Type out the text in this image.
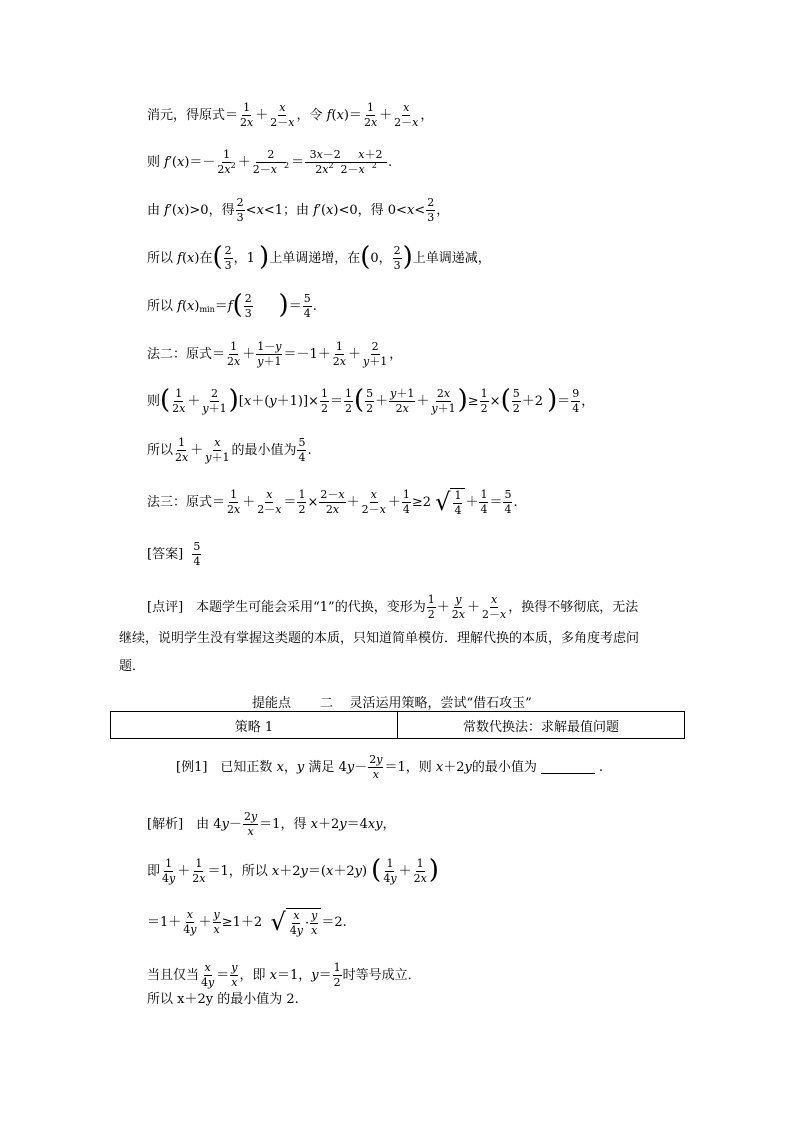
消元，得原式＝ $\frac{1}{2x} + \frac{x}{2-x}$ ，令
f ( x )＝ $\frac{1}{2x} + \frac{x}{2-x}$ ，
则
f ′( x )＝－ $\frac{1}{2x^2} + \frac{2}{2-x ^2} = \frac{3x-2 x+2}{2x^2 2-x ^2}$ .
由
f ′( x )>0 ，得 $\frac{2}{3} < x <1$ ；由
f ′( x )<0 ，得 $0< x < \frac{2}{3}$ ，
所以
f ( x )在 ( $\frac{2}{3}$ ，1 ) 上单调递增，在 ( 0， $\frac{2}{3}$ ) 上单调递减，
所以
f ( x ) min ＝ f ( $\frac{2}{3}$
) ＝ $\frac{5}{4}$ .
法二：原式＝ $\frac{1}{2x} + \frac{1-y}{y+1} =-1+ \frac{1}{2x} + \frac{2}{y+1}$ ，
则 ( $\frac{1}{2x} + \frac{2}{y+1}$ ) [ x ＋( $y +1)]\times \frac{1}{2} = \frac{1}{2}$ ( $\frac{5}{2} + \frac{y+1}{2x} + \frac{2x}{y+1}$ ) ≥ $\frac{1}{2}$ × ( $\frac{5}{2} +2$ ) ＝ $\frac{9}{4}$ ，
所以 $\frac{1}{2x} + \frac{x}{y+1}$ 的最小值为 $\frac{5}{4}$ .
法三：原式＝ $\frac{1}{2x} + \frac{x}{2-x} = \frac{1}{2} \times \frac{2-x}{2x} + \frac{x}{2-x} + \frac{1}{4} \ge 2$ √ $\frac{1}{4} + \frac{1}{4} = \frac{5}{4}$ .
[答案]
$\frac{5}{4}$
[点评]　本题学生可能会采用“1”的代换，变形为 $\frac{1}{2} + \frac{y}{2x} + \frac{x}{2-x}$ ，换得不够彻底，无法
继续，说明学生没有掌握这类题的本质，只知道简单模仿．理解代换的本质，多角度考虑问
题．
提能点 二 灵活运用策略，尝试“借石攻玉”
策略 1	常数代换法：求解最值问题
[例1]　已知正数
x ， y
满足 4 $y - \frac{2y}{x} =1$ ，则
x ＋2 y 的最小值为	.
[解析]　由 4 $y - \frac{2y}{x} =1$ ，得
x ＋2 y ＝4 xy ，
即 $\frac{1}{4y} + \frac{1}{2x} =1$ ，所以
x ＋2 y ＝( x ＋2 y ) ( $\frac{1}{4y} + \frac{1}{2x}$ )
$=1+ \frac{x}{4y} + \frac{y}{x} \ge 1+2$ √ $\frac{x}{4y} \cdot \frac{y}{x} =2$.
当且仅当 $\frac{x}{4y} = \frac{y}{x}$ ，即
x ＝1， $y = \frac{1}{2}$ 时等号成立．
所以 x＋2y 的最小值为 2.
